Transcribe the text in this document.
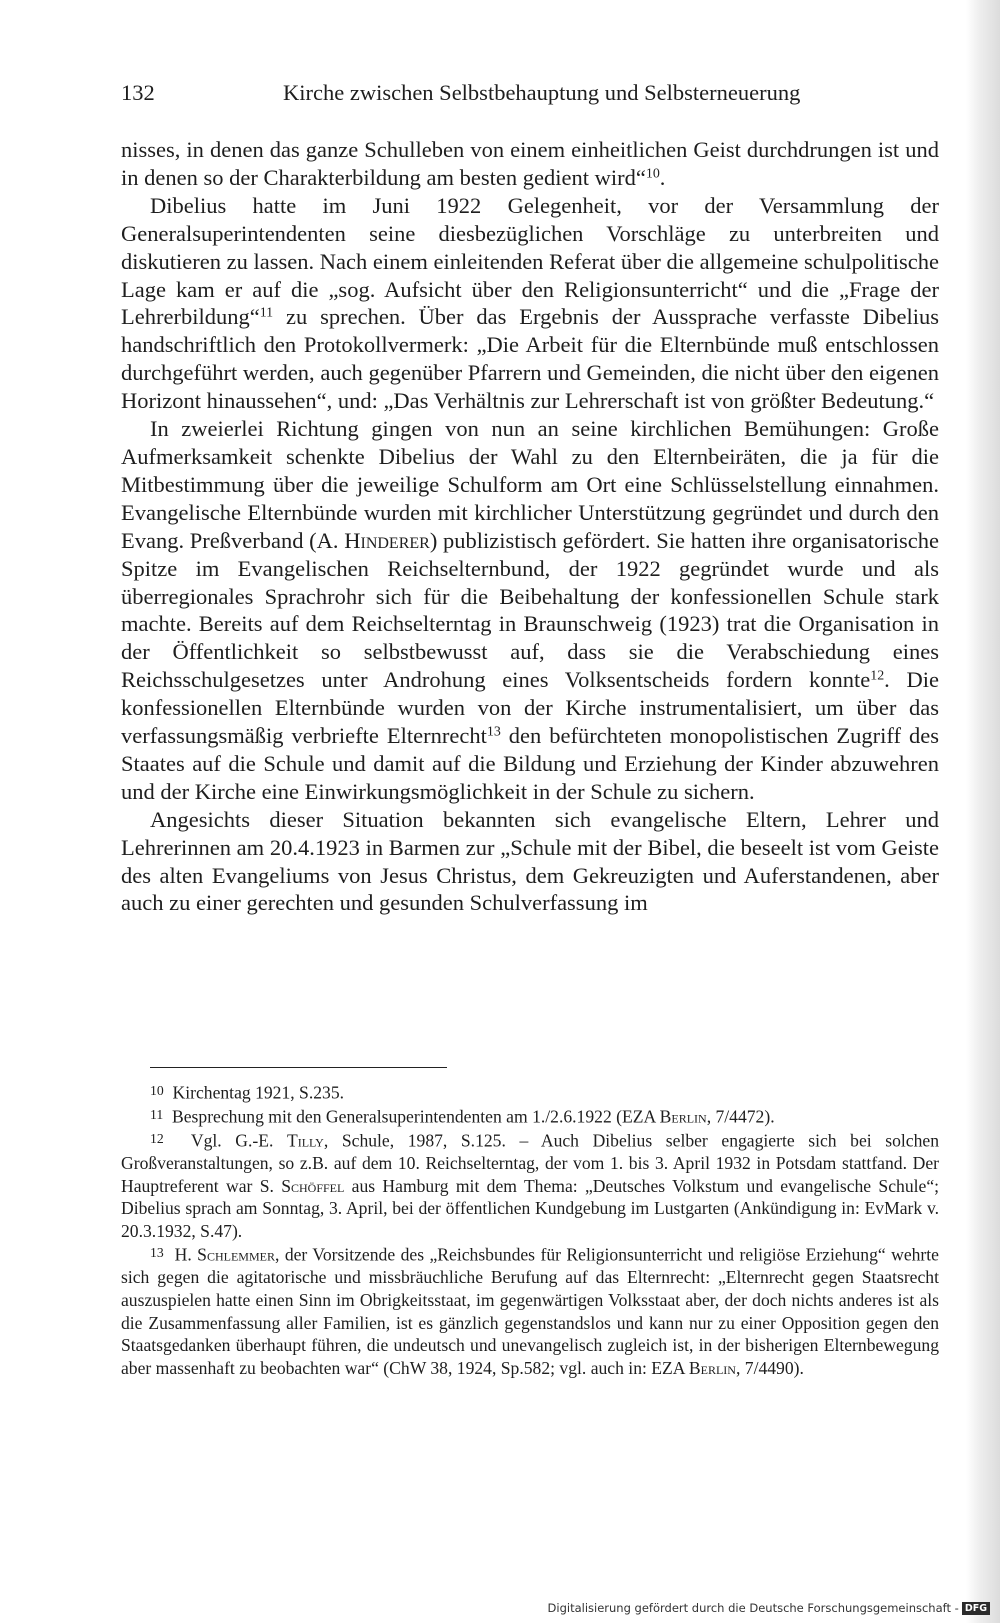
132	Kirche zwischen Selbstbehauptung und Selbsterneuerung

nisses, in denen das ganze Schulleben von einem einheitlichen Geist durchdrungen ist und in denen so der Charakterbildung am besten gedient wird“$^{10}$.

Dibelius hatte im Juni 1922 Gelegenheit, vor der Versammlung der Generalsuperintendenten seine diesbezüglichen Vorschläge zu unterbreiten und diskutieren zu lassen. Nach einem einleitenden Referat über die allgemeine schulpolitische Lage kam er auf die „sog. Aufsicht über den Religionsunterricht“ und die „Frage der Lehrerbildung“$^{11}$ zu sprechen. Über das Ergebnis der Aussprache verfasste Dibelius handschriftlich den Protokollvermerk: „Die Arbeit für die Elternbünde muß entschlossen durchgeführt werden, auch gegenüber Pfarrern und Gemeinden, die nicht über den eigenen Horizont hinaussehen“, und: „Das Verhältnis zur Lehrerschaft ist von größter Bedeutung.“

In zweierlei Richtung gingen von nun an seine kirchlichen Bemühungen: Große Aufmerksamkeit schenkte Dibelius der Wahl zu den Elternbeiräten, die ja für die Mitbestimmung über die jeweilige Schulform am Ort eine Schlüsselstellung einnahmen. Evangelische Elternbünde wurden mit kirchlicher Unterstützung gegründet und durch den Evang. Preßverband (A. Hinderer) publizistisch gefördert. Sie hatten ihre organisatorische Spitze im Evangelischen Reichselternbund, der 1922 gegründet wurde und als überregionales Sprachrohr sich für die Beibehaltung der konfessionellen Schule stark machte. Bereits auf dem Reichselterntag in Braunschweig (1923) trat die Organisation in der Öffentlichkeit so selbstbewusst auf, dass sie die Verabschiedung eines Reichsschulgesetzes unter Androhung eines Volksentscheids fordern konnte$^{12}$. Die konfessionellen Elternbünde wurden von der Kirche instrumentalisiert, um über das verfassungsmäßig verbriefte Elternrecht$^{13}$ den befürchteten monopolistischen Zugriff des Staates auf die Schule und damit auf die Bildung und Erziehung der Kinder abzuwehren und der Kirche eine Einwirkungsmöglichkeit in der Schule zu sichern.

Angesichts dieser Situation bekannten sich evangelische Eltern, Lehrer und Lehrerinnen am 20.4.1923 in Barmen zur „Schule mit der Bibel, die beseelt ist vom Geiste des alten Evangeliums von Jesus Christus, dem Gekreuzigten und Auferstandenen, aber auch zu einer gerechten und gesunden Schulverfassung im

10 Kirchentag 1921, S.235.

11 Besprechung mit den Generalsuperintendenten am 1./2.6.1922 (EZA Berlin, 7/4472).

12 Vgl. G.-E. Tilly, Schule, 1987, S.125. – Auch Dibelius selber engagierte sich bei solchen Großveranstaltungen, so z.B. auf dem 10. Reichselterntag, der vom 1. bis 3. April 1932 in Potsdam stattfand. Der Hauptreferent war S. Schöffel aus Hamburg mit dem Thema: „Deutsches Volkstum und evangelische Schule“; Dibelius sprach am Sonntag, 3. April, bei der öffentlichen Kundgebung im Lustgarten (Ankündigung in: EvMark v. 20.3.1932, S.47).

13 H. Schlemmer, der Vorsitzende des „Reichsbundes für Religionsunterricht und religiöse Erziehung“ wehrte sich gegen die agitatorische und missbräuchliche Berufung auf das Elternrecht: „Elternrecht gegen Staatsrecht auszuspielen hatte einen Sinn im Obrigkeitsstaat, im gegenwärtigen Volksstaat aber, der doch nichts anderes ist als die Zusammenfassung aller Familien, ist es gänzlich gegenstandslos und kann nur zu einer Opposition gegen den Staatsgedanken überhaupt führen, die undeutsch und unevangelisch zugleich ist, in der bisherigen Elternbewegung aber massenhaft zu beobachten war“ (ChW 38, 1924, Sp.582; vgl. auch in: EZA Berlin, 7/4490).

Digitalisierung gefördert durch die Deutsche Forschungsgemeinschaft - DFG
